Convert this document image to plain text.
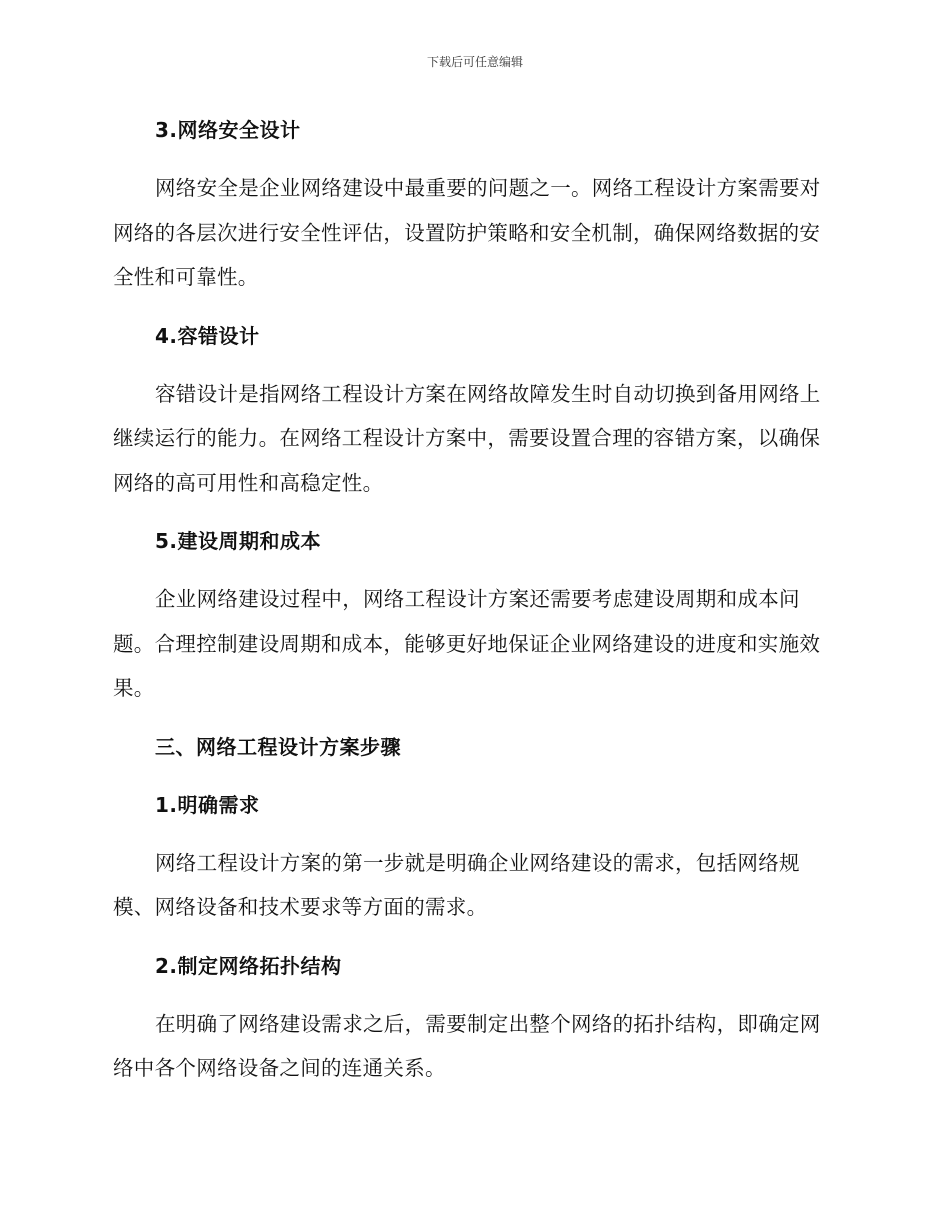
下载后可任意编辑
3.网络安全设计

网络安全是企业网络建设中最重要的问题之一。网络工程设计方案需要对网络的各层次进行安全性评估，设置防护策略和安全机制，确保网络数据的安全性和可靠性。

4.容错设计

容错设计是指网络工程设计方案在网络故障发生时自动切换到备用网络上继续运行的能力。在网络工程设计方案中，需要设置合理的容错方案，以确保网络的高可用性和高稳定性。

5.建设周期和成本

企业网络建设过程中，网络工程设计方案还需要考虑建设周期和成本问题。合理控制建设周期和成本，能够更好地保证企业网络建设的进度和实施效果。

三、网络工程设计方案步骤
1.明确需求

网络工程设计方案的第一步就是明确企业网络建设的需求，包括网络规模、网络设备和技术要求等方面的需求。

2.制定网络拓扑结构

在明确了网络建设需求之后，需要制定出整个网络的拓扑结构，即确定网络中各个网络设备之间的连通关系。
